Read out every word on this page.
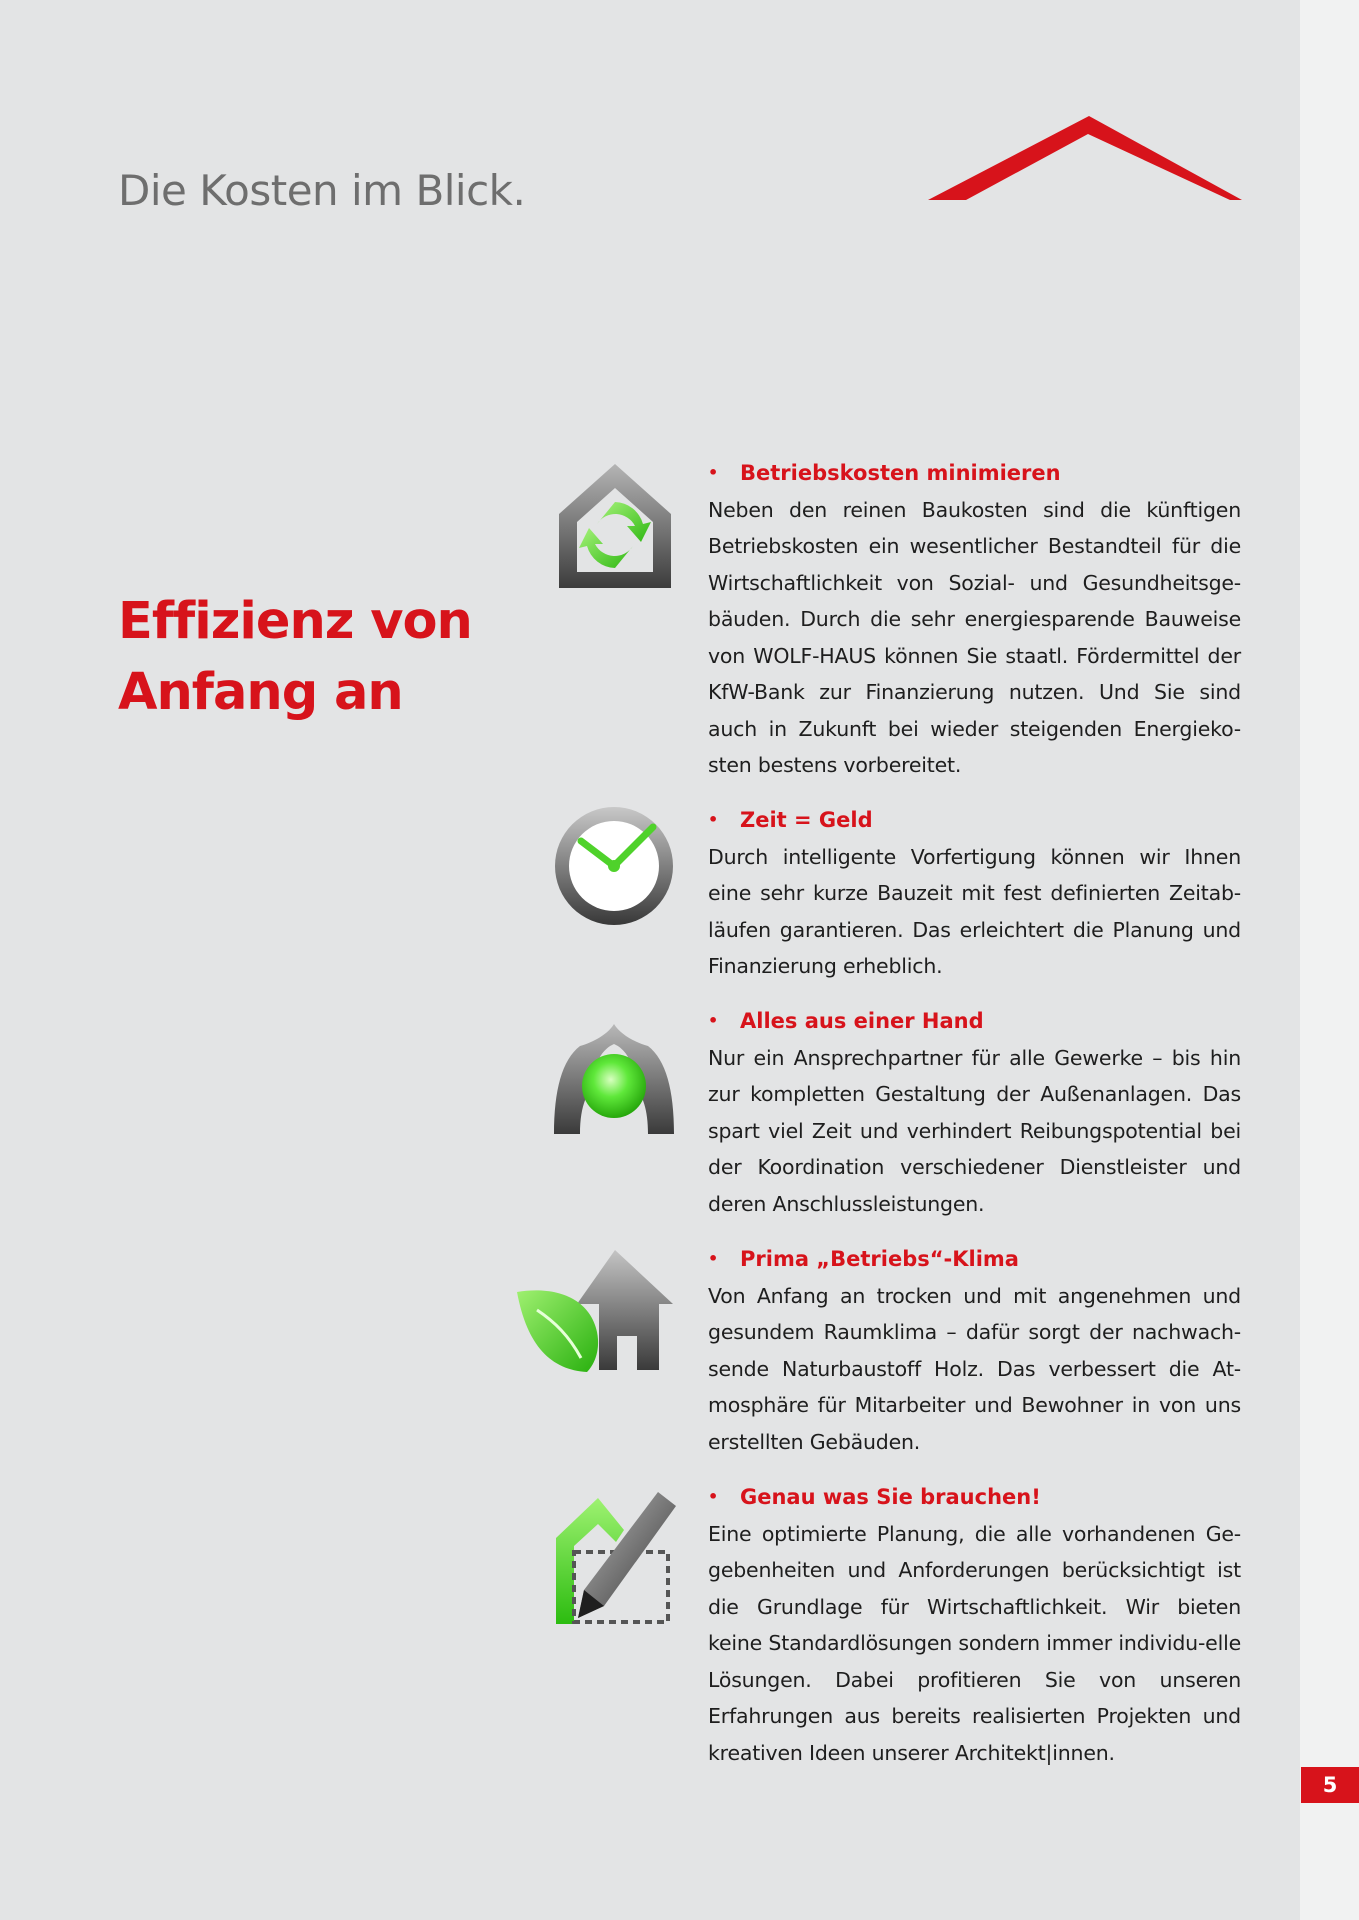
Die Kosten im Blick.
Effizienz von
Anfang an

• Betriebskosten minimieren

Neben den reinen Baukosten sind die künftigen Betriebskosten ein wesentlicher Bestandteil für die Wirtschaftlichkeit von Sozial- und Gesundheitsge-bäuden. Durch die sehr energiesparende Bauweise von WOLF-HAUS können Sie staatl. Fördermittel der KfW-Bank zur Finanzierung nutzen. Und Sie sind auch in Zukunft bei wieder steigenden Energieko-sten bestens vorbereitet.

• Zeit = Geld

Durch intelligente Vorfertigung können wir Ihnen eine sehr kurze Bauzeit mit fest definierten Zeitab-läufen garantieren. Das erleichtert die Planung und Finanzierung erheblich.

• Alles aus einer Hand

Nur ein Ansprechpartner für alle Gewerke – bis hin zur kompletten Gestaltung der Außenanlagen. Das spart viel Zeit und verhindert Reibungspotential bei der Koordination verschiedener Dienstleister und deren Anschlussleistungen.

• Prima „Betriebs“-Klima

Von Anfang an trocken und mit angenehmen und gesundem Raumklima – dafür sorgt der nachwach-sende Naturbaustoff Holz. Das verbessert die At-mosphäre für Mitarbeiter und Bewohner in von uns erstellten Gebäuden.

• Genau was Sie brauchen!

Eine optimierte Planung, die alle vorhandenen Ge-gebenheiten und Anforderungen berücksichtigt ist die Grundlage für Wirtschaftlichkeit. Wir bieten keine Standardlösungen sondern immer individu-elle Lösungen. Dabei profitieren Sie von unseren Erfahrungen aus bereits realisierten Projekten und kreativen Ideen unserer Architekt|innen.

5
